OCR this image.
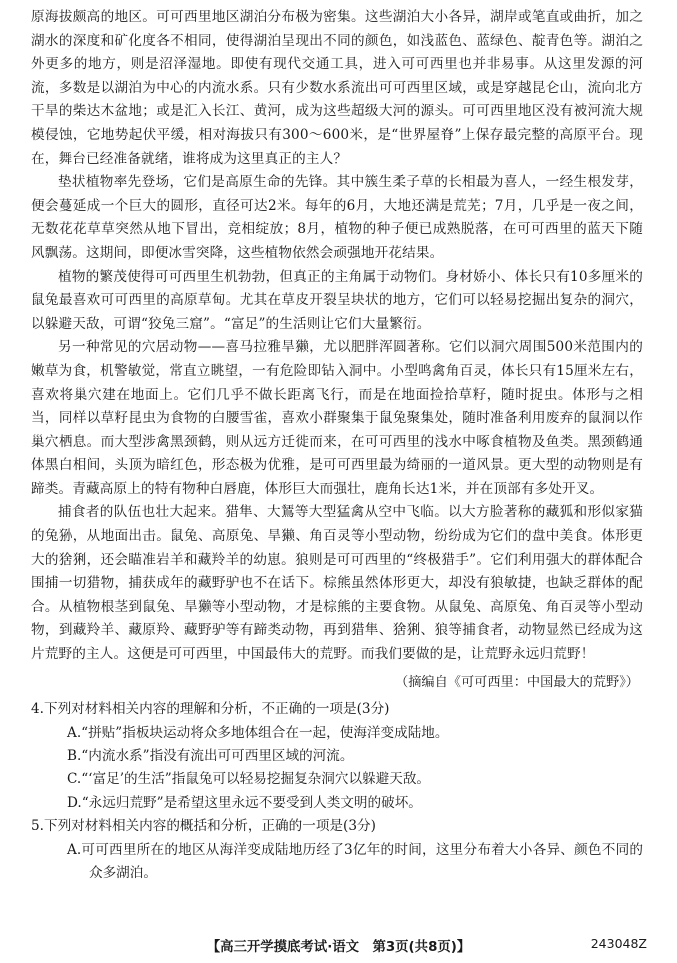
原海拔颇高的地区。可可西里地区湖泊分布极为密集。这些湖泊大小各异，湖岸或笔直或曲折，加之湖水的深度和矿化度各不相同，使得湖泊呈现出不同的颜色，如浅蓝色、蓝绿色、靛青色等。湖泊之外更多的地方，则是沼泽湿地。即使有现代交通工具，进入可可西里也并非易事。从这里发源的河流，多数是以湖泊为中心的内流水系。只有少数水系流出可可西里区域，或是穿越昆仑山，流向北方干旱的柴达木盆地；或是汇入长江、黄河，成为这些超级大河的源头。可可西里地区没有被河流大规模侵蚀，它地势起伏平缓，相对海拔只有300～600米，是“世界屋脊”上保存最完整的高原平台。现在，舞台已经准备就绪，谁将成为这里真正的主人？

垫状植物率先登场，它们是高原生命的先锋。其中簇生柔子草的长相最为喜人，一经生根发芽，便会蔓延成一个巨大的圆形，直径可达2米。每年的6月，大地还满是荒芜；7月，几乎是一夜之间，无数花花草草突然从地下冒出，竞相绽放；8月，植物的种子便已成熟脱落，在可可西里的蓝天下随风飘荡。这期间，即便冰雪突降，这些植物依然会顽强地开花结果。

植物的繁茂使得可可西里生机勃勃，但真正的主角属于动物们。身材娇小、体长只有10多厘米的鼠兔最喜欢可可西里的高原草甸。尤其在草皮开裂呈块状的地方，它们可以轻易挖掘出复杂的洞穴，以躲避天敌，可谓“狡兔三窟”。“富足”的生活则让它们大量繁衍。

另一种常见的穴居动物——喜马拉雅旱獭，尤以肥胖浑圆著称。它们以洞穴周围500米范围内的嫩草为食，机警敏觉，常直立眺望，一有危险即钻入洞中。小型鸣禽角百灵，体长只有15厘米左右，喜欢将巢穴建在地面上。它们几乎不做长距离飞行，而是在地面捡拾草籽，随时捉虫。体形与之相当，同样以草籽昆虫为食物的白腰雪雀，喜欢小群聚集于鼠兔聚集处，随时准备利用废弃的鼠洞以作巢穴栖息。而大型涉禽黑颈鹤，则从远方迁徙而来，在可可西里的浅水中啄食植物及鱼类。黑颈鹤通体黑白相间，头顶为暗红色，形态极为优雅，是可可西里最为绮丽的一道风景。更大型的动物则是有蹄类。青藏高原上的特有物种白唇鹿，体形巨大而强壮，鹿角长达1米，并在顶部有多处开叉。

捕食者的队伍也壮大起来。猎隼、大鵟等大型猛禽从空中飞临。以大方脸著称的藏狐和形似家猫的兔狲，从地面出击。鼠兔、高原兔、旱獭、角百灵等小型动物，纷纷成为它们的盘中美食。体形更大的猞猁，还会瞄准岩羊和藏羚羊的幼崽。狼则是可可西里的“终极猎手”。它们利用强大的群体配合围捕一切猎物，捕获成年的藏野驴也不在话下。棕熊虽然体形更大，却没有狼敏捷，也缺乏群体的配合。从植物根茎到鼠兔、旱獭等小型动物，才是棕熊的主要食物。从鼠兔、高原兔、角百灵等小型动物，到藏羚羊、藏原羚、藏野驴等有蹄类动物，再到猎隼、猞猁、狼等捕食者，动物显然已经成为这片荒野的主人。这便是可可西里，中国最伟大的荒野。而我们要做的是，让荒野永远归荒野！

（摘编自《可可西里：中国最大的荒野》）

4.下列对材料相关内容的理解和分析，不正确的一项是(3分)

A.“拼贴”指板块运动将众多地体组合在一起，使海洋变成陆地。

B.“内流水系”指没有流出可可西里区域的河流。

C.“‘富足’的生活”指鼠兔可以轻易挖掘复杂洞穴以躲避天敌。

D.“永远归荒野”是希望这里永远不要受到人类文明的破坏。

5.下列对材料相关内容的概括和分析，正确的一项是(3分)

A.可可西里所在的地区从海洋变成陆地历经了3亿年的时间，这里分布着大小各异、颜色不同的众多湖泊。

【高三开学摸底考试·语文　第3页(共8页)】	243048Z
